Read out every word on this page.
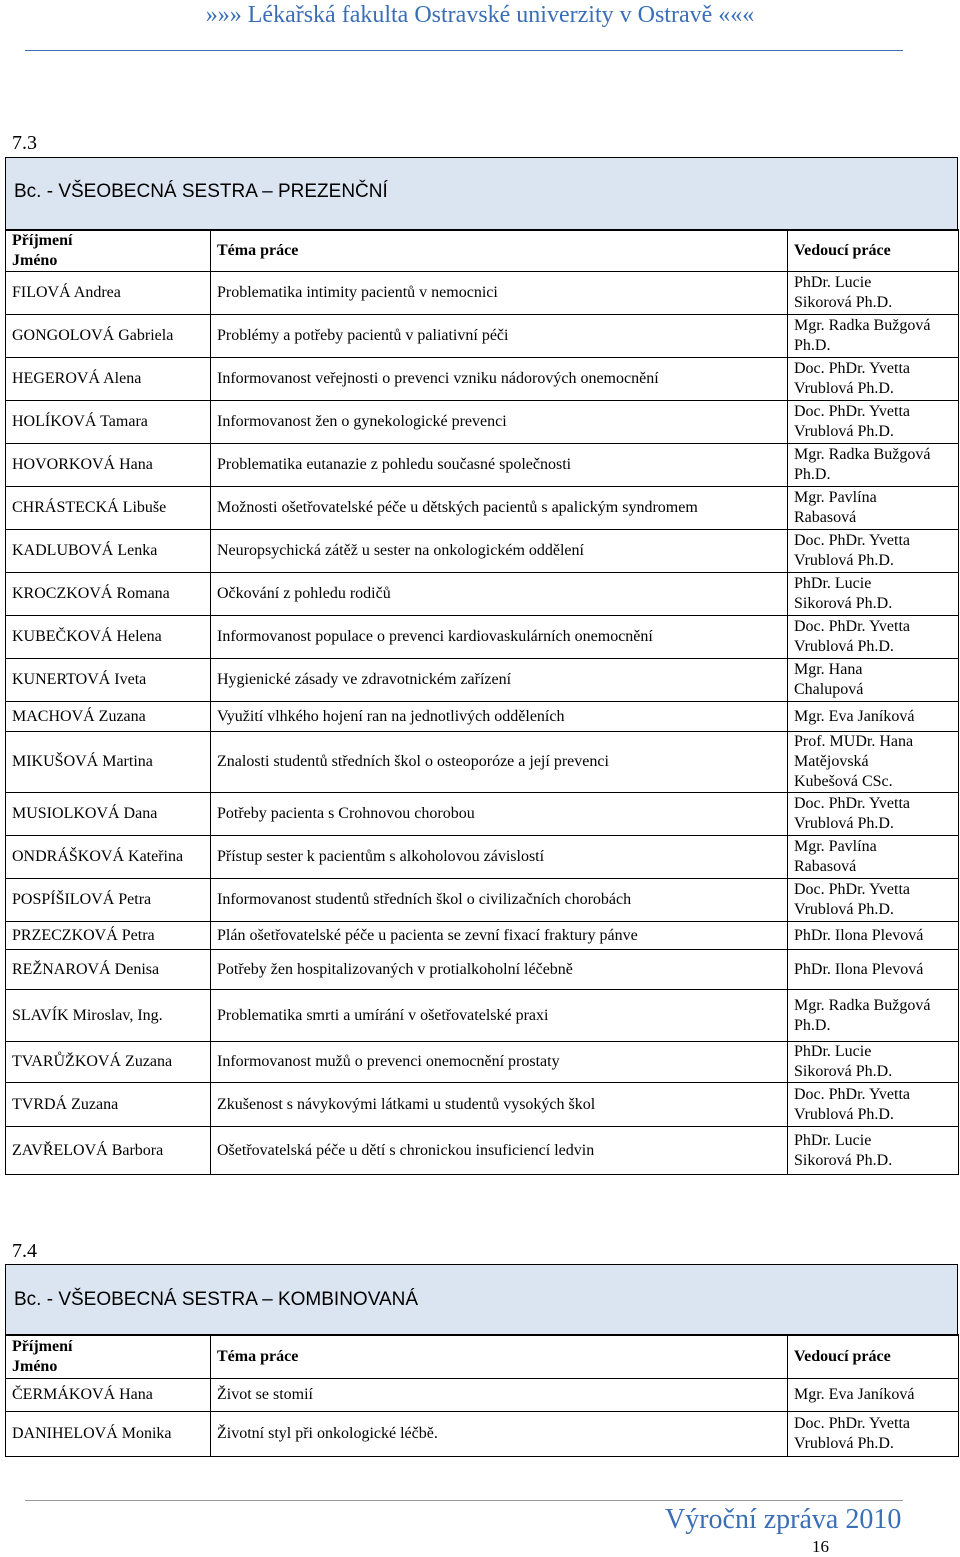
»»» Lékařská fakulta Ostravské univerzity v Ostravě «««
7.3
Bc. - VŠEOBECNÁ SESTRA – PREZENČNÍ
Příjmení
Jméno	Téma práce	Vedoucí práce
FILOVÁ Andrea	Problematika intimity pacientů v nemocnici	PhDr. Lucie
Sikorová Ph.D.

GONGOLOVÁ Gabriela	Problémy a potřeby pacientů v paliativní péči	Mgr. Radka Bužgová
Ph.D.

HEGEROVÁ Alena	Informovanost veřejnosti o prevenci vzniku nádorových onemocnění	Doc. PhDr. Yvetta
Vrublová Ph.D.

HOLÍKOVÁ Tamara	Informovanost žen o gynekologické prevenci	Doc. PhDr. Yvetta
Vrublová Ph.D.

HOVORKOVÁ Hana	Problematika eutanazie z pohledu současné společnosti	Mgr. Radka Bužgová
Ph.D.

CHRÁSTECKÁ Libuše	Možnosti ošetřovatelské péče u dětských pacientů s apalickým syndromem	Mgr. Pavlína
Rabasová

KADLUBOVÁ Lenka	Neuropsychická zátěž u sester na onkologickém oddělení	Doc. PhDr. Yvetta
Vrublová Ph.D.

KROCZKOVÁ Romana	Očkování z pohledu rodičů	PhDr. Lucie
Sikorová Ph.D.

KUBEČKOVÁ Helena	Informovanost populace o prevenci kardiovaskulárních onemocnění	Doc. PhDr. Yvetta
Vrublová Ph.D.

KUNERTOVÁ Iveta	Hygienické zásady ve zdravotnickém zařízení	Mgr. Hana
Chalupová

MACHOVÁ Zuzana	Využití vlhkého hojení ran na jednotlivých odděleních	Mgr. Eva Janíková

MIKUŠOVÁ Martina	Znalosti studentů středních škol o osteoporóze a její prevenci	Prof. MUDr. Hana
Matějovská
Kubešová CSc.

MUSIOLKOVÁ Dana	Potřeby pacienta s Crohnovou chorobou	Doc. PhDr. Yvetta
Vrublová Ph.D.

ONDRÁŠKOVÁ Kateřina	Přístup sester k pacientům s alkoholovou závislostí	Mgr. Pavlína
Rabasová

POSPÍŠILOVÁ Petra	Informovanost studentů středních škol o civilizačních chorobách	Doc. PhDr. Yvetta
Vrublová Ph.D.

PRZECZKOVÁ Petra	Plán ošetřovatelské péče u pacienta se zevní fixací fraktury pánve	PhDr. Ilona Plevová

REŽNAROVÁ Denisa	Potřeby žen hospitalizovaných v protialkoholní léčebně	PhDr. Ilona Plevová

SLAVÍK Miroslav, Ing.	Problematika smrti a umírání v ošetřovatelské praxi	Mgr. Radka Bužgová
Ph.D.

TVARŮŽKOVÁ Zuzana	Informovanost mužů o prevenci onemocnění prostaty	PhDr. Lucie
Sikorová Ph.D.

TVRDÁ Zuzana	Zkušenost s návykovými látkami u studentů vysokých škol	Doc. PhDr. Yvetta
Vrublová Ph.D.

ZAVŘELOVÁ Barbora	Ošetřovatelská péče u dětí s chronickou insuficiencí ledvin	PhDr. Lucie
Sikorová Ph.D.
7.4
Bc. - VŠEOBECNÁ SESTRA – KOMBINOVANÁ
Příjmení
Jméno	Téma práce	Vedoucí práce
ČERMÁKOVÁ Hana	Život se stomií	Mgr. Eva Janíková

DANIHELOVÁ Monika	Životní styl při onkologické léčbě.	Doc. PhDr. Yvetta
Vrublová Ph.D.
Výroční zpráva 2010
16
